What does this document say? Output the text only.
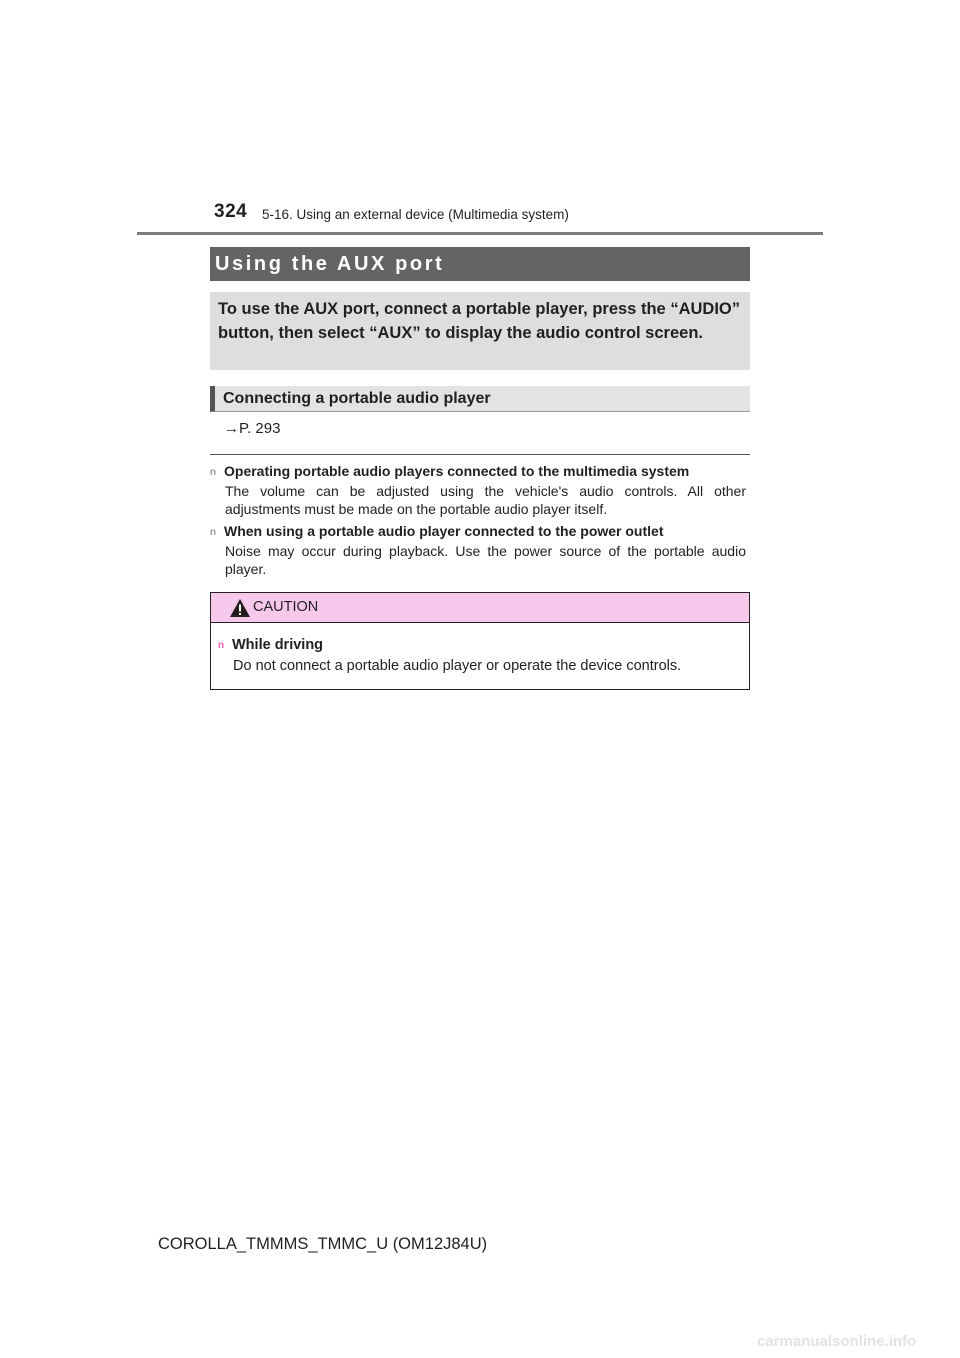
324 5-16. Using an external device (Multimedia system)
Using the AUX port
To use the AUX port, connect a portable player, press the “AUDIO” button, then select “AUX” to display the audio control screen.
Connecting a portable audio player
→P. 293
n Operating portable audio players connected to the multimedia system
The volume can be adjusted using the vehicle's audio controls. All other adjustments must be made on the portable audio player itself.
n When using a portable audio player connected to the power outlet
Noise may occur during playback. Use the power source of the portable audio player.
CAUTION
n While driving
Do not connect a portable audio player or operate the device controls.
COROLLA_TMMMS_TMMC_U (OM12J84U)
carmanualsonline.info
